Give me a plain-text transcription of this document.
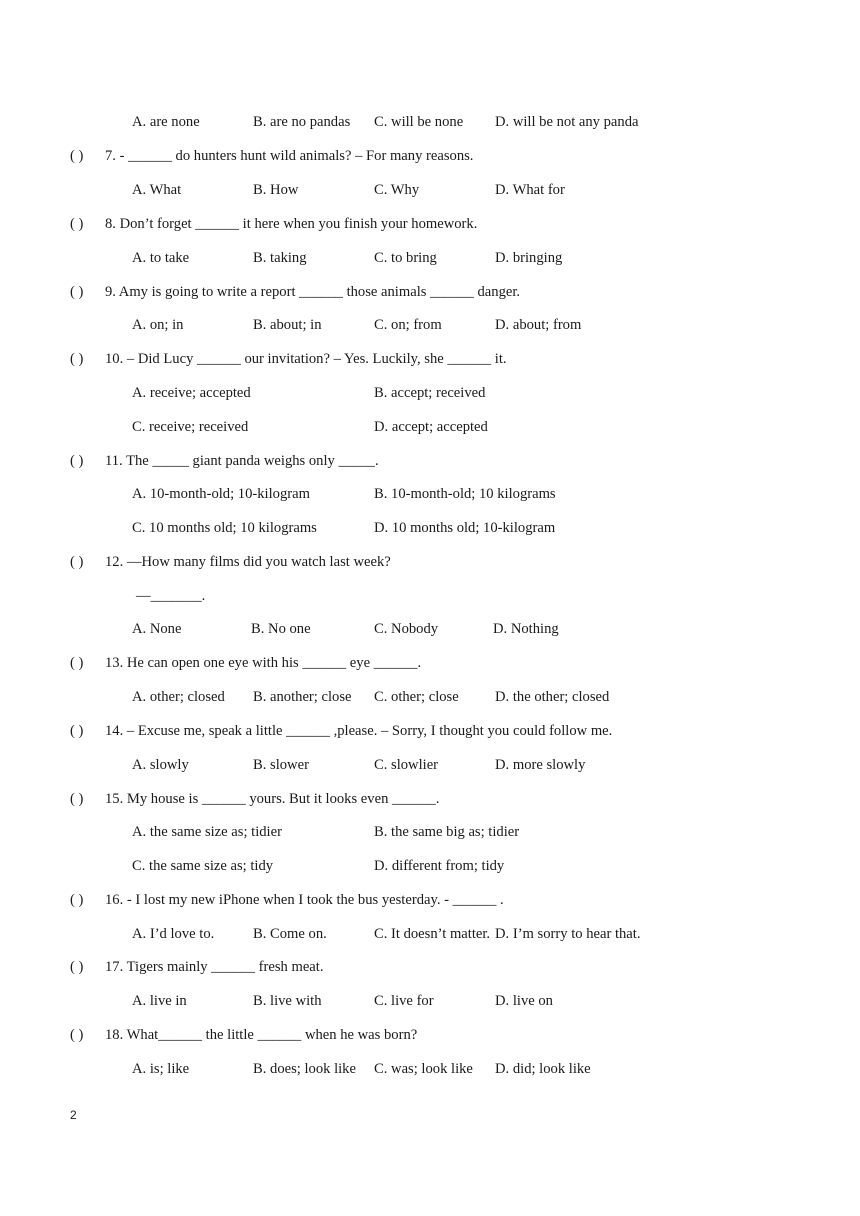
A. are none	B. are no pandas C. will be none D. will be not any panda
( ) 7. - ______ do hunters hunt wild animals? – For many reasons.
A. What	B. How	C. Why	D. What for
( ) 8. Don’t forget ______ it here when you finish your homework.
A. to take	B. taking	C. to bring	D. bringing
( ) 9. Amy is going to write a report ______ those animals ______ danger.
A. on; in	B. about; in	C. on; from	D. about; from
( ) 10. – Did Lucy ______ our invitation? – Yes. Luckily, she ______ it.
A. receive; accepted	B. accept; received
C. receive; received	D. accept; accepted
( ) 11. The _____ giant panda weighs only _____.
A. 10-month-old; 10-kilogram	B. 10-month-old; 10 kilograms
C. 10 months old; 10 kilograms	D. 10 months old; 10-kilogram
( ) 12. —How many films did you watch last week?
—_______.
A. None	B. No one	C. Nobody	D. Nothing
( ) 13. He can open one eye with his ______ eye ______.
A. other; closed B. another; close C. other; close D. the other; closed
( ) 14. – Excuse me, speak a little ______ ,please. – Sorry, I thought you could follow me.
A. slowly	B. slower	C. slowlier	D. more slowly
( ) 15. My house is ______ yours. But it looks even ______.
A. the same size as; tidier	B. the same big as; tidier
C. the same size as; tidy	D. different from; tidy
( ) 16. - I lost my new iPhone when I took the bus yesterday. - ______ .
A. I’d love to.	B. Come on.	C. It doesn’t matter. D. I’m sorry to hear that.
( ) 17. Tigers mainly ______ fresh meat.
A. live in	B. live with	C. live for	D. live on
( ) 18. What______ the little ______ when he was born?
A. is; like	B. does; look like C. was; look like D. did; look like
2
